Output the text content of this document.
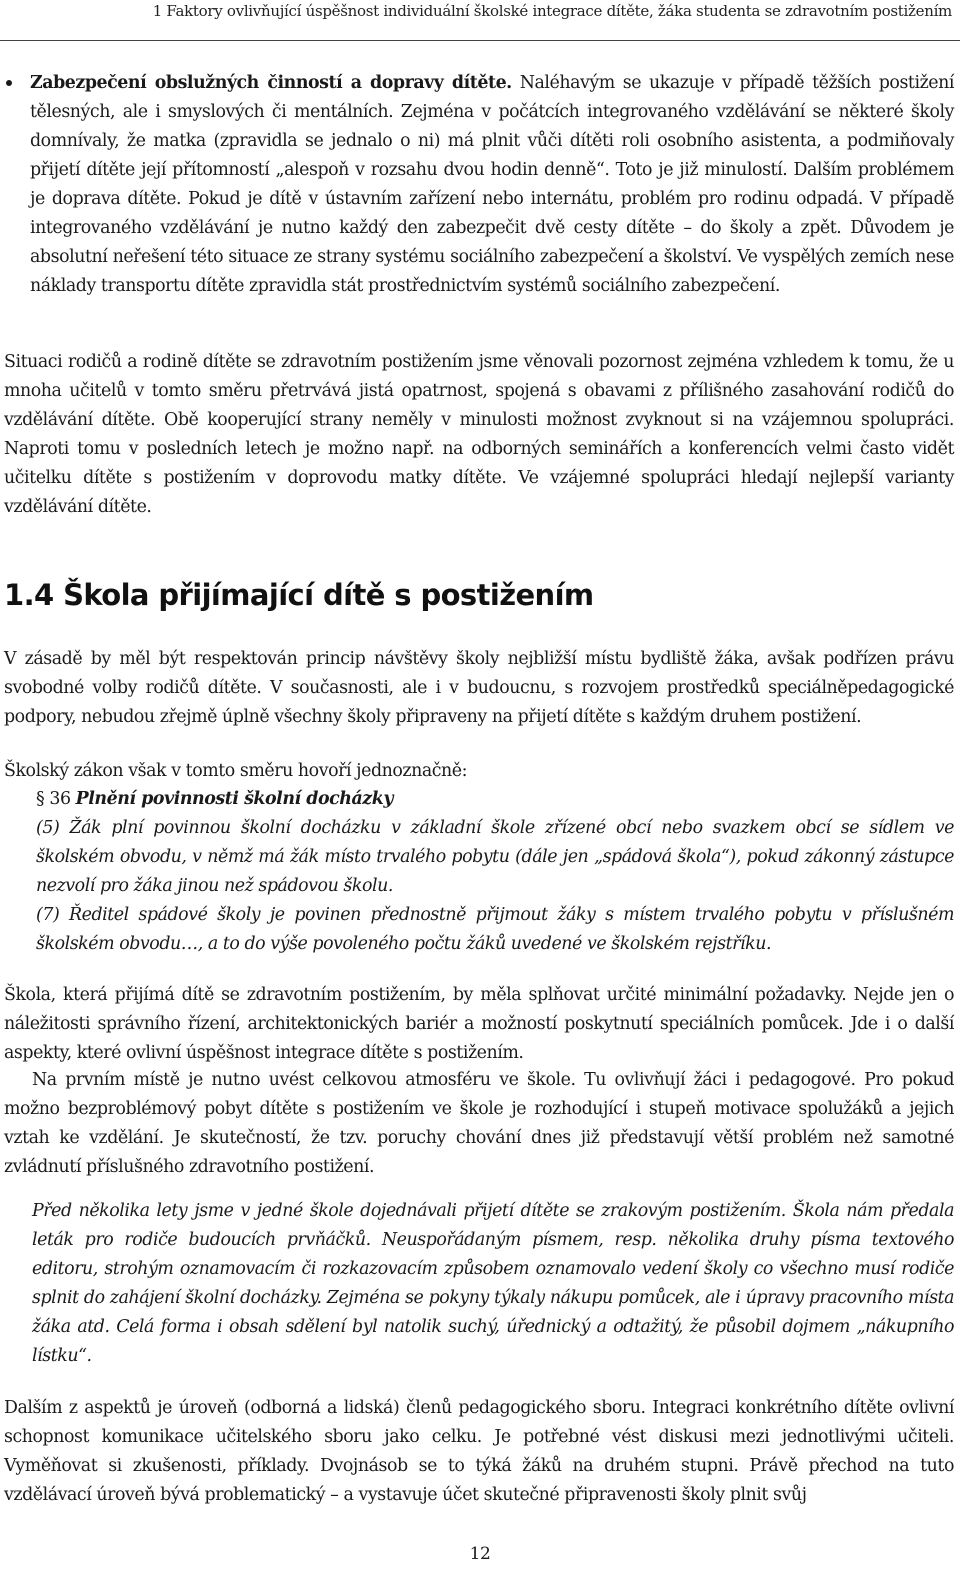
1 Faktory ovlivňující úspěšnost individuální školské integrace dítěte, žáka studenta se zdravotním postižením

Zabezpečení obslužných činností a dopravy dítěte. Naléhavým se ukazuje v případě těžších postižení tělesných, ale i smyslových či mentálních. Zejména v počátcích integrovaného vzdělávání se některé školy domnívaly, že matka (zpravidla se jednalo o ni) má plnit vůči dítěti roli osobního asistenta, a podmiňovaly přijetí dítěte její přítomností „alespoň v rozsahu dvou hodin denně“. Toto je již minulostí. Dalším problémem je doprava dítěte. Pokud je dítě v ústavním zařízení nebo internátu, problém pro rodinu odpadá. V případě integrovaného vzdělávání je nutno každý den zabezpečit dvě cesty dítěte – do školy a zpět. Důvodem je absolutní neřešení této situace ze strany systému sociálního zabezpečení a školství. Ve vyspělých zemích nese náklady transportu dítěte zpravidla stát prostřednictvím systémů sociálního zabezpečení.

Situaci rodičů a rodině dítěte se zdravotním postižením jsme věnovali pozornost zejména vzhledem k tomu, že u mnoha učitelů v tomto směru přetrvává jistá opatrnost, spojená s obavami z přílišného zasahování rodičů do vzdělávání dítěte. Obě kooperující strany neměly v minulosti možnost zvyknout si na vzájemnou spolupráci. Naproti tomu v posledních letech je možno např. na odborných seminářích a konferencích velmi často vidět učitelku dítěte s postižením v doprovodu matky dítěte. Ve vzájemné spolupráci hledají nejlepší varianty vzdělávání dítěte.

1.4 Škola přijímající dítě s postižením

V zásadě by měl být respektován princip návštěvy školy nejbližší místu bydliště žáka, avšak podřízen právu svobodné volby rodičů dítěte. V současnosti, ale i v budoucnu, s rozvojem prostředků speciálněpedagogické podpory, nebudou zřejmě úplně všechny školy připraveny na přijetí dítěte s každým druhem postižení.

Školský zákon však v tomto směru hovoří jednoznačně:

§ 36 Plnění povinnosti školní docházky

(5) Žák plní povinnou školní docházku v základní škole zřízené obcí nebo svazkem obcí se sídlem ve školském obvodu, v němž má žák místo trvalého pobytu (dále jen „spádová škola“), pokud zákonný zástupce nezvolí pro žáka jinou než spádovou školu.

(7) Ředitel spádové školy je povinen přednostně přijmout žáky s místem trvalého pobytu v příslušném školském obvodu…, a to do výše povoleného počtu žáků uvedené ve školském rejstříku.

Škola, která přijímá dítě se zdravotním postižením, by měla splňovat určité minimální požadavky. Nejde jen o náležitosti správního řízení, architektonických bariér a možností poskytnutí speciálních pomůcek. Jde i o další aspekty, které ovlivní úspěšnost integrace dítěte s postižením.

Na prvním místě je nutno uvést celkovou atmosféru ve škole. Tu ovlivňují žáci i pedagogové. Pro pokud možno bezproblémový pobyt dítěte s postižením ve škole je rozhodující i stupeň motivace spolužáků a jejich vztah ke vzdělání. Je skutečností, že tzv. poruchy chování dnes již představují větší problém než samotné zvládnutí příslušného zdravotního postižení.

Před několika lety jsme v jedné škole dojednávali přijetí dítěte se zrakovým postižením. Škola nám předala leták pro rodiče budoucích prvňáčků. Neuspořádaným písmem, resp. několika druhy písma textového editoru, strohým oznamovacím či rozkazovacím způsobem oznamovalo vedení školy co všechno musí rodiče splnit do zahájení školní docházky. Zejména se pokyny týkaly nákupu pomůcek, ale i úpravy pracovního místa žáka atd. Celá forma i obsah sdělení byl natolik suchý, úřednický a odtažitý, že působil dojmem „nákupního lístku“.

Dalším z aspektů je úroveň (odborná a lidská) členů pedagogického sboru. Integraci konkrétního dítěte ovlivní schopnost komunikace učitelského sboru jako celku. Je potřebné vést diskusi mezi jednotlivými učiteli. Vyměňovat si zkušenosti, příklady. Dvojnásob se to týká žáků na druhém stupni. Právě přechod na tuto vzdělávací úroveň bývá problematický – a vystavuje účet skutečné připravenosti školy plnit svůj

12
